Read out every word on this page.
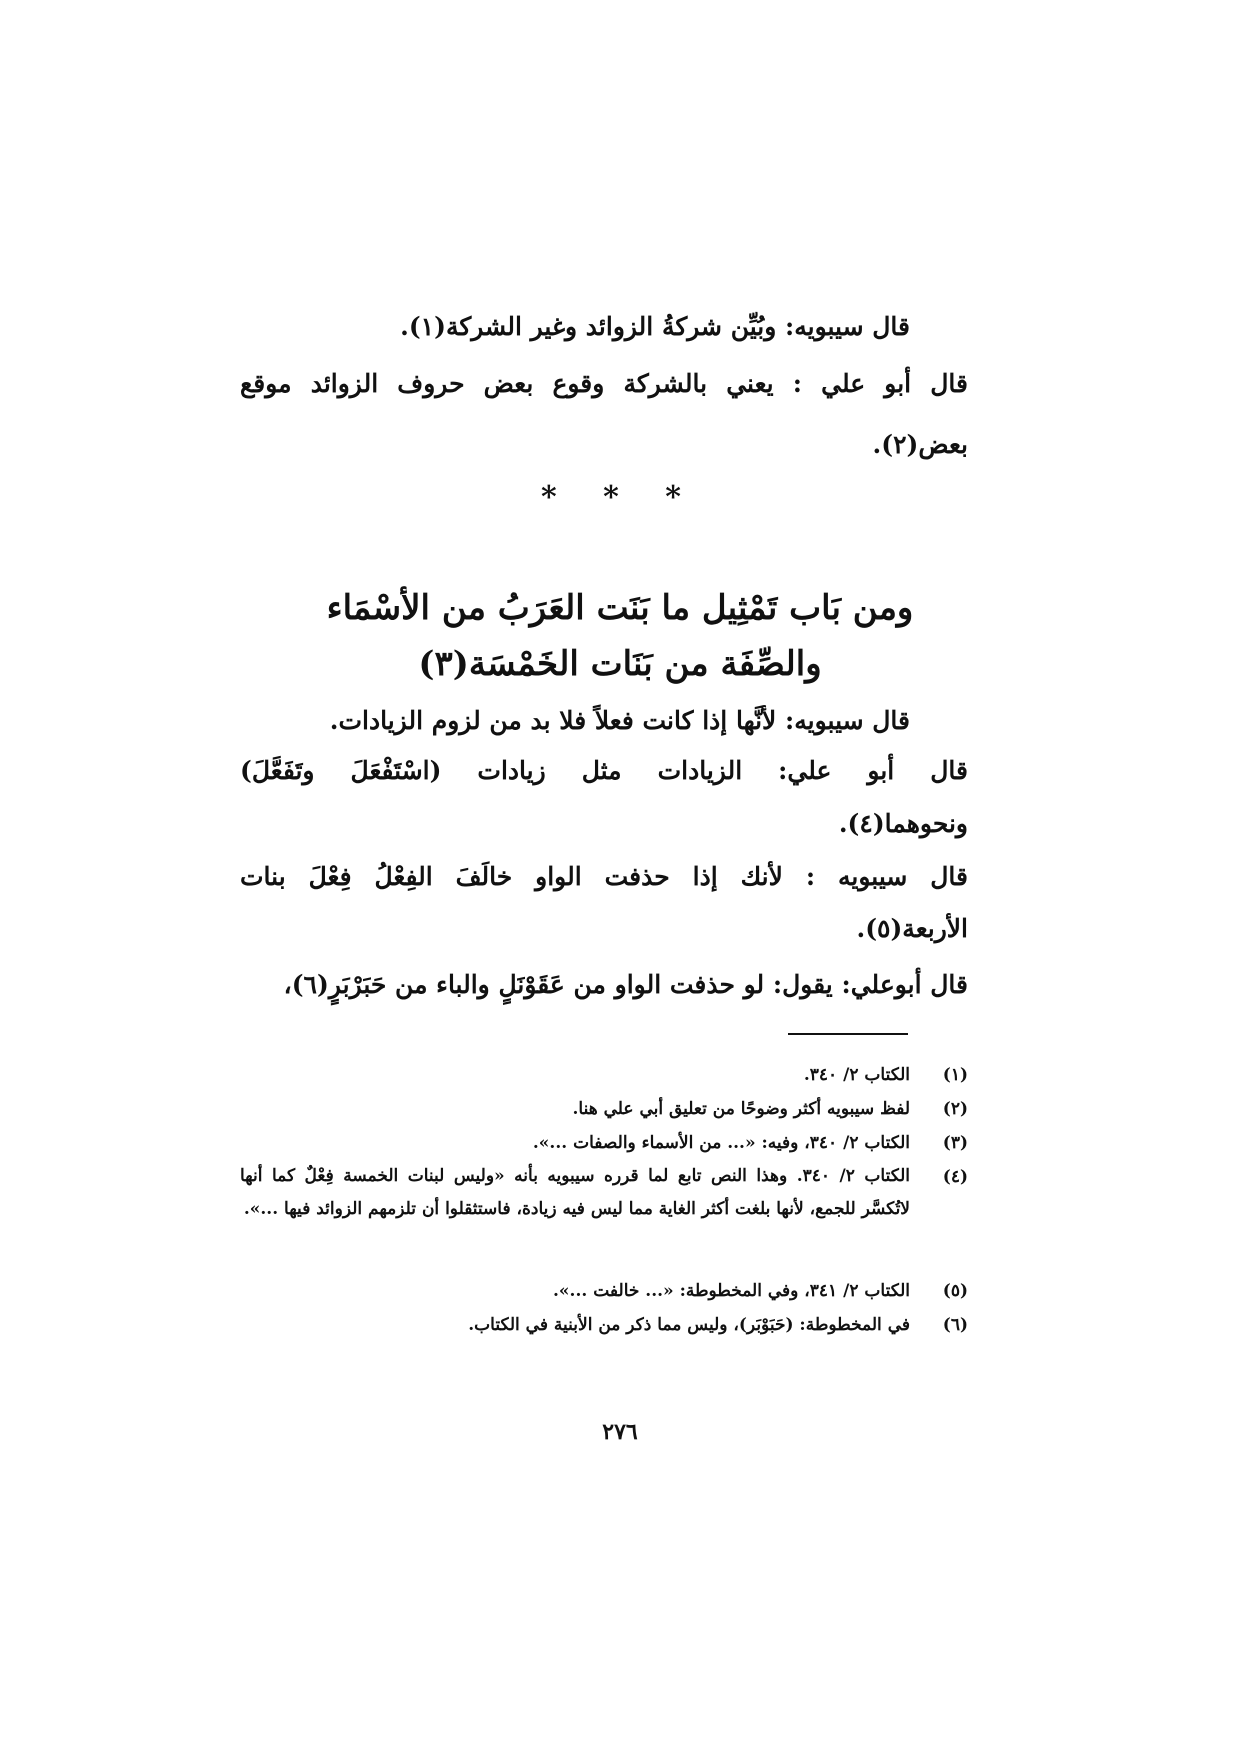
قال سيبويه: وبُيِّن شركةُ الزوائد وغير الشركة(١).
قال أبو علي : يعني بالشركة وقوع بعض حروف الزوائد موقع
بعض(٢).
* * *
ومن بَاب تَمْثِيل ما بَنَت العَرَبُ من الأسْمَاء
والصِّفَة من بَنَات الخَمْسَة(٣)
قال سيبويه: لأنَّها إذا كانت فعلاً فلا بد من لزوم الزيادات.
قال أبو علي: الزيادات مثل زيادات (اسْتَفْعَلَ وتَفَعَّلَ)
ونحوهما(٤).
قال سيبويه : لأنك إذا حذفت الواو خالَفَ الفِعْلُ فِعْلَ بنات
الأربعة(٥).
قال أبوعلي: يقول: لو حذفت الواو من عَقَوْنَلٍ والباء من حَبَرْبَرٍ(٦)،
(١)
الكتاب ٢/ ٣٤٠.
(٢)
لفظ سيبويه أكثر وضوحًا من تعليق أبي علي هنا.
(٣)
الكتاب ٢/ ٣٤٠، وفيه: «... من الأسماء والصفات ...».
(٤)
الكتاب ٢/ ٣٤٠. وهذا النص تابع لما قرره سيبويه بأنه «وليس لبنات الخمسة فِعْلٌ كما أنها لاتُكسَّر للجمع، لأنها بلغت أكثر الغاية مما ليس فيه زيادة، فاستثقلوا أن تلزمهم الزوائد فيها ...».
(٥)
الكتاب ٢/ ٣٤١، وفي المخطوطة: «... خالفت ...».
(٦)
في المخطوطة: (حَبَوْبَر)، وليس مما ذكر من الأبنية في الكتاب.
٢٧٦
